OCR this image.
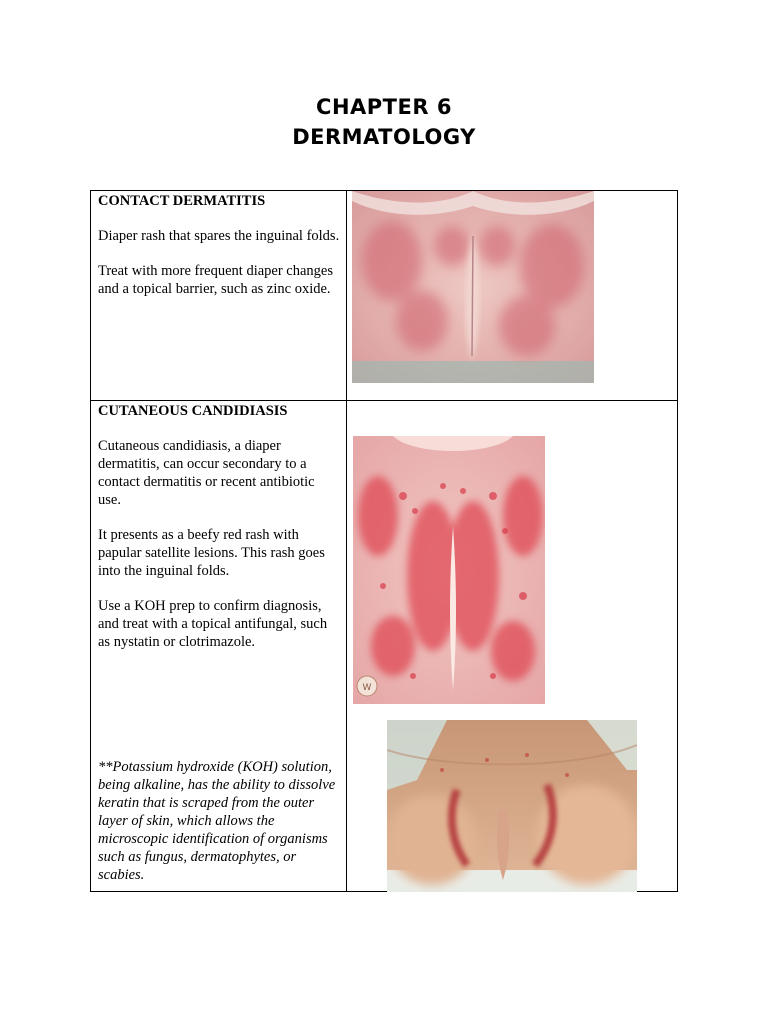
CHAPTER 6
DERMATOLOGY
CONTACT DERMATITIS

Diaper rash that spares the inguinal folds.

Treat with more frequent diaper changes and a topical barrier, such as zinc oxide.

CUTANEOUS CANDIDIASIS

Cutaneous candidiasis, a diaper dermatitis, can occur secondary to a contact dermatitis or recent antibiotic use.

It presents as a beefy red rash with papular satellite lesions. This rash goes into the inguinal folds.

Use a KOH prep to confirm diagnosis, and treat with a topical antifungal, such as nystatin or clotrimazole.

**Potassium hydroxide (KOH) solution, being alkaline, has the ability to dissolve keratin that is scraped from the outer layer of skin, which allows the microscopic identification of organisms such as fungus, dermatophytes, or scabies.
W
